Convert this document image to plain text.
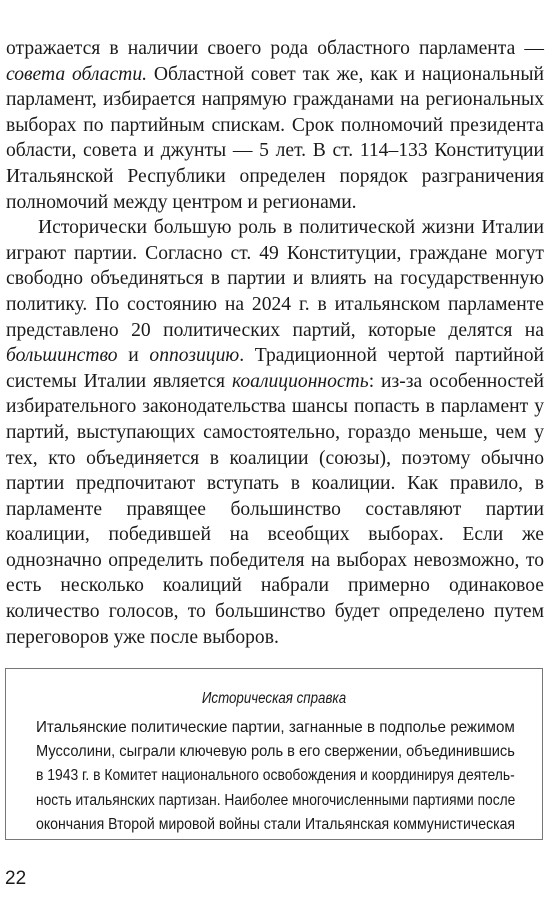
отражается в наличии своего рода областного парламента — совета области. Областной совет так же, как и национальный парламент, избирается напрямую гражданами на региональных выборах по партийным спискам. Срок полномочий президента области, совета и джунты — 5 лет. В ст. 114–133 Конституции Итальянской Республики определен порядок разграничения полномочий между центром и регионами.

Исторически большую роль в политической жизни Италии играют партии. Согласно ст. 49 Конституции, граждане могут свободно объединяться в партии и влиять на государственную политику. По состоянию на 2024 г. в итальянском парламенте представлено 20 политических партий, которые делятся на большинство и оппозицию. Традиционной чертой партийной системы Италии является коалиционность: из-за особенностей избирательного законодательства шансы попасть в парламент у партий, выступающих самостоятельно, гораздо меньше, чем у тех, кто объединяется в коалиции (союзы), поэтому обычно партии предпочитают вступать в коалиции. Как правило, в парламенте правящее большинство составляют партии коалиции, победившей на всеобщих выборах. Если же однозначно определить победителя на выборах невозможно, то есть несколько коалиций набрали примерно одинаковое количество голосов, то большинство будет определено путем переговоров уже после выборов.

Историческая справка
Итальянские политические партии, загнанные в подполье режимом
Муссолини, сыграли ключевую роль в его свержении, объединившись
в 1943 г. в Комитет национального освобождения и координируя деятель-
ность итальянских партизан. Наиболее многочисленными партиями после
окончания Второй мировой войны стали Итальянская коммунистическая
22
